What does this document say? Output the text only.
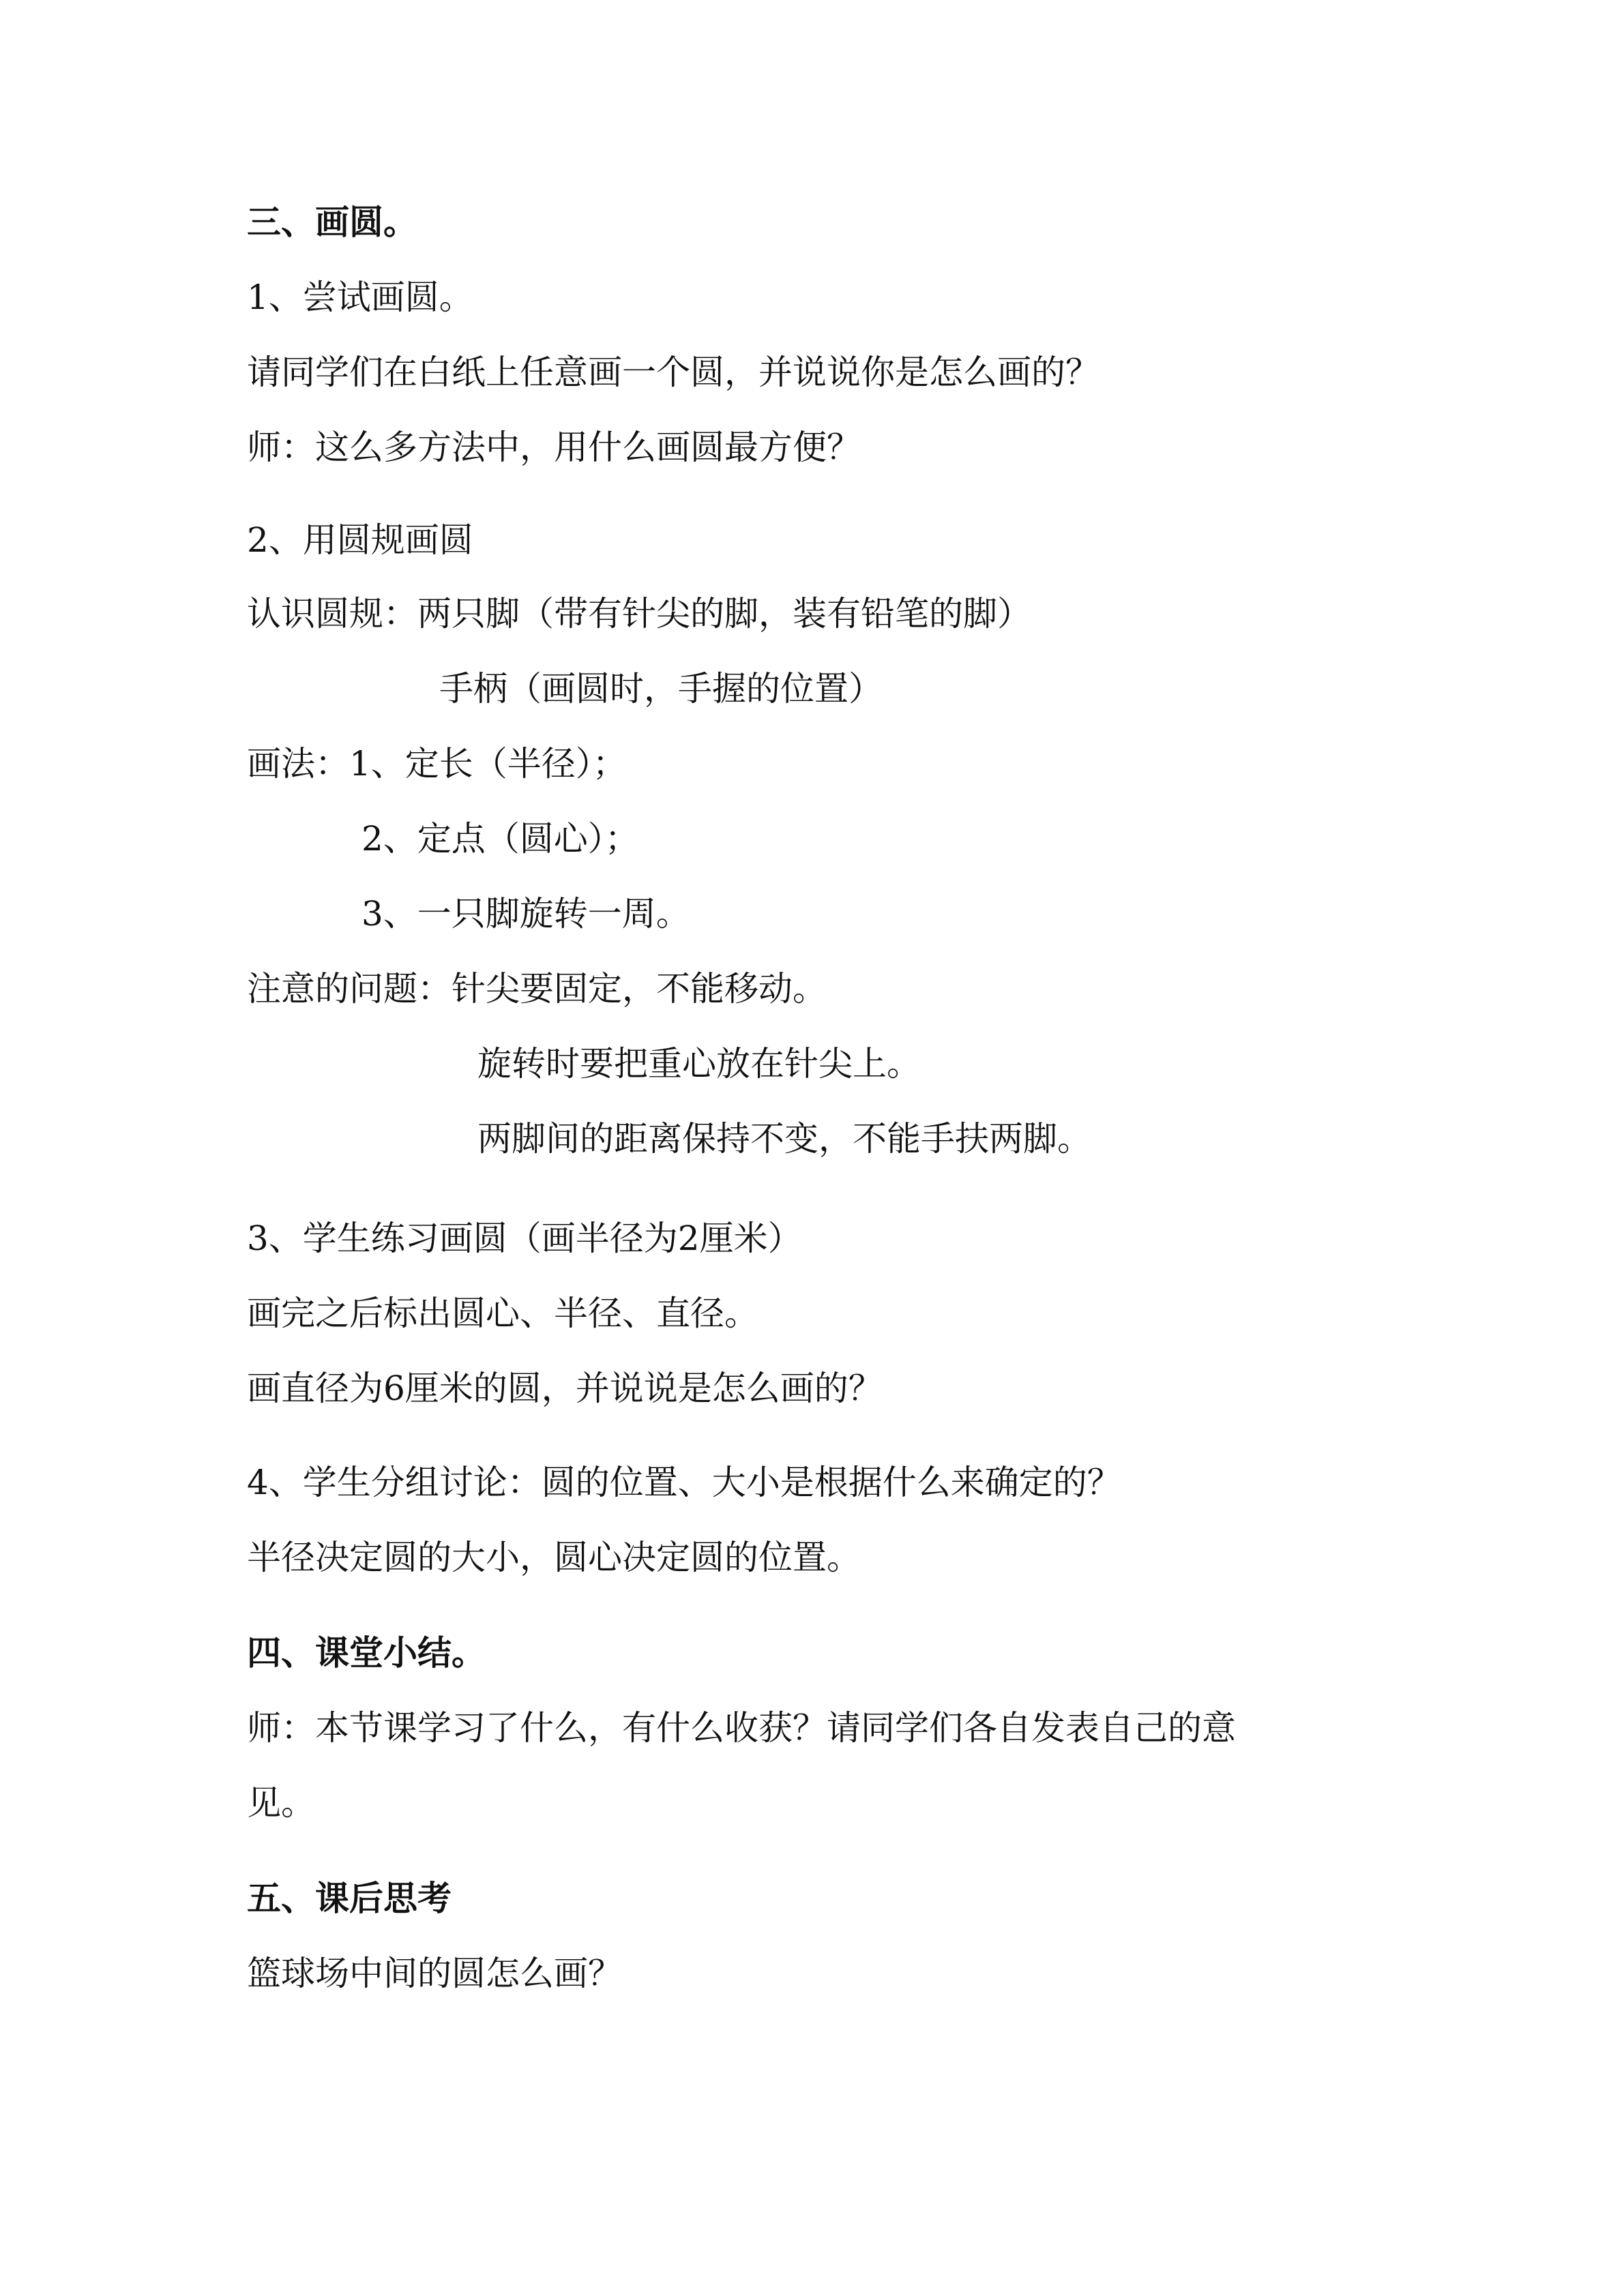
三、画圆。
1、尝试画圆。
请同学们在白纸上任意画一个圆，并说说你是怎么画的？
师：这么多方法中，用什么画圆最方便？
2、用圆规画圆
认识圆规：两只脚（带有针尖的脚，装有铅笔的脚）
手柄（画圆时，手握的位置）
画法：1、定长（半径）；
2、定点（圆心）；
3、一只脚旋转一周。
注意的问题：针尖要固定，不能移动。
旋转时要把重心放在针尖上。
两脚间的距离保持不变，不能手扶两脚。
3、学生练习画圆（画半径为2厘米）
画完之后标出圆心、半径、直径。
画直径为6厘米的圆，并说说是怎么画的？
4、学生分组讨论：圆的位置、大小是根据什么来确定的？
半径决定圆的大小，圆心决定圆的位置。
四、课堂小结。
师：本节课学习了什么，有什么收获？请同学们各自发表自己的意
见。
五、课后思考
篮球场中间的圆怎么画？
